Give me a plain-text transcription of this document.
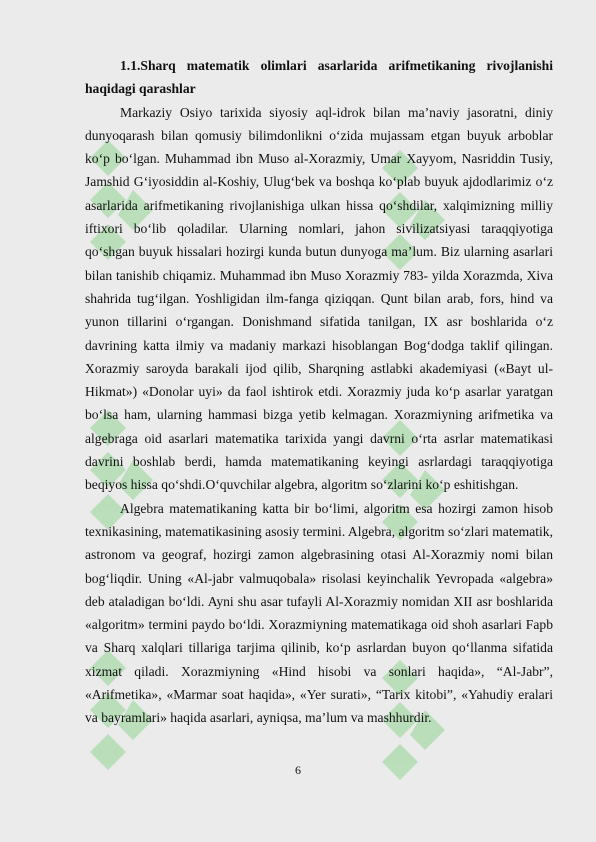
1.1.Sharq matematik olimlari asarlarida arifmetikaning rivojlanishi haqidagi qarashlar

Markaziy Osiyo tarixida siyosiy aql-idrok bilan maʼnaviy jasoratni, diniy dunyoqarash bilan qomusiy bilimdonlikni oʻzida mujassam etgan buyuk arboblar koʻp boʻlgan. Muhammad ibn Muso al-Xorazmiy, Umar Xayyom, Nasriddin Tusiy, Jamshid Gʻiyosiddin al-Koshiy, Ulugʻbek va boshqa koʻplab buyuk ajdodlarimiz oʻz asarlarida arifmetikaning rivojlanishiga ulkan hissa qoʻshdilar, xalqimizning milliy iftixori boʻlib qoladilar. Ularning nomlari, jahon sivilizatsiyasi taraqqiyotiga qoʻshgan buyuk hissalari hozirgi kunda butun dunyoga maʼlum. Biz ularning asarlari bilan tanishib chiqamiz. Muhammad ibn Muso Xorazmiy 783- yilda Xorazmda, Xiva shahrida tugʻilgan. Yoshligidan ilm-fanga qiziqqan. Qunt bilan arab, fors, hind va yunon tillarini oʻrgangan. Donishmand sifatida tanilgan, IX asr boshlarida oʻz davrining katta ilmiy va madaniy markazi hisoblangan Bogʻdodga taklif qilingan. Xorazmiy saroyda barakali ijod qilib, Sharqning astlabki akademiyasi («Bayt ul-Hikmat») «Donolar uyi» da faol ishtirok etdi. Xorazmiy juda koʻp asarlar yaratgan boʻlsa ham, ularning hammasi bizga yetib kelmagan. Xorazmiyning arifmetika va algebraga oid asarlari matematika tarixida yangi davrni oʻrta asrlar matematikasi davrini boshlab berdi, hamda matematikaning keyingi asrlardagi taraqqiyotiga beqiyos hissa qoʻshdi.Oʻquvchilar algebra, algoritm soʻzlarini koʻp eshitishgan.

Algebra matematikaning katta bir boʻlimi, algoritm esa hozirgi zamon hisob texnikasining, matematikasining asosiy termini. Algebra, algoritm soʻzlari matematik, astronom va geograf, hozirgi zamon algebrasining otasi Al-Xorazmiy nomi bilan bogʻliqdir. Uning «Al-jabr valmuqobala» risolasi keyinchalik Yevropada «algebra» deb ataladigan boʻldi. Ayni shu asar tufayli Al-Xorazmiy nomidan XII asr boshlarida «algoritm» termini paydo boʻldi. Xorazmiyning matematikaga oid shoh asarlari Fapb va Sharq xalqlari tillariga tarjima qilinib, koʻp asrlardan buyon qoʻllanma sifatida xizmat qiladi. Xorazmiyning «Hind hisobi va sonlari haqida», “Al-Jabr”, «Arifmetika», «Marmar soat haqida», «Yer surati», “Tarix kitobi”, «Yahudiy eralari va bayramlari» haqida asarlari, ayniqsa, maʼlum va mashhurdir.

6
